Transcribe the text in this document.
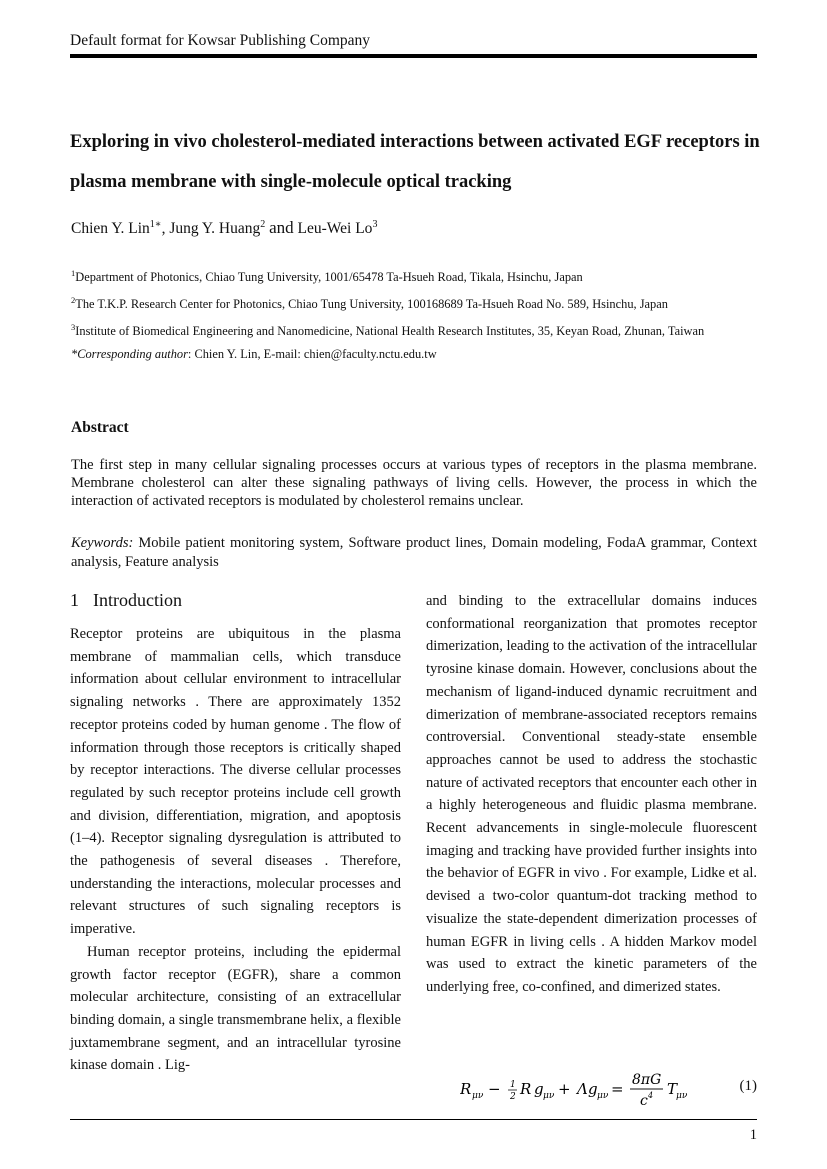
Default format for Kowsar Publishing Company
Exploring in vivo cholesterol-mediated interactions between activated EGF receptors in plasma membrane with single-molecule optical tracking
Chien Y. Lin$^{1∗}$, Jung Y. Huang$^2$ and Leu-Wei Lo$^3$
$^1$Department of Photonics, Chiao Tung University, 1001/65478 Ta-Hsueh Road, Tikala, Hsinchu, Japan
$^2$The T.K.P. Research Center for Photonics, Chiao Tung University, 100168689 Ta-Hsueh Road No. 589, Hsinchu, Japan
$^3$Institute of Biomedical Engineering and Nanomedicine, National Health Research Institutes, 35, Keyan Road, Zhunan, Taiwan
*Corresponding author: Chien Y. Lin, E-mail: chien@faculty.nctu.edu.tw
Abstract
The first step in many cellular signaling processes occurs at various types of receptors in the plasma membrane. Membrane cholesterol can alter these signaling pathways of living cells. However, the process in which the interaction of activated receptors is modulated by cholesterol remains unclear.
Keywords: Mobile patient monitoring system, Software product lines, Domain modeling, FodaA grammar, Context analysis, Feature analysis
1 Introduction

Receptor proteins are ubiquitous in the plasma membrane of mammalian cells, which transduce information about cellular environment to intracellular signaling networks . There are approximately 1352 receptor proteins coded by human genome . The flow of information through those receptors is critically shaped by receptor interactions. The diverse cellular processes regulated by such receptor proteins include cell growth and division, differentiation, migration, and apoptosis (1–4). Receptor signaling dysregulation is attributed to the pathogenesis of several diseases . Therefore, understanding the interactions, molecular processes and relevant structures of such signaling receptors is imperative.

Human receptor proteins, including the epidermal growth factor receptor (EGFR), share a common molecular architecture, consisting of an extracellular binding domain, a single transmembrane helix, a flexible juxtamembrane segment, and an intracellular tyrosine kinase domain . Lig-

and binding to the extracellular domains induces conformational reorganization that promotes receptor dimerization, leading to the activation of the intracellular tyrosine kinase domain. However, conclusions about the mechanism of ligand-induced dynamic recruitment and dimerization of membrane-associated receptors remains controversial. Conventional steady-state ensemble approaches cannot be used to address the stochastic nature of activated receptors that encounter each other in a highly heterogeneous and fluidic plasma membrane. Recent advancements in single-molecule fluorescent imaging and tracking have provided further insights into the behavior of EGFR in vivo . For example, Lidke et al. devised a two-color quantum-dot tracking method to visualize the state-dependent dimerization processes of human EGFR in living cells . A hidden Markov model was used to extract the kinetic parameters of the underlying free, co-confined, and dimerized states.

R μν − 1
2 R g μν + Λ g μν = 8πG
c 4 T
μν
(1)
1
